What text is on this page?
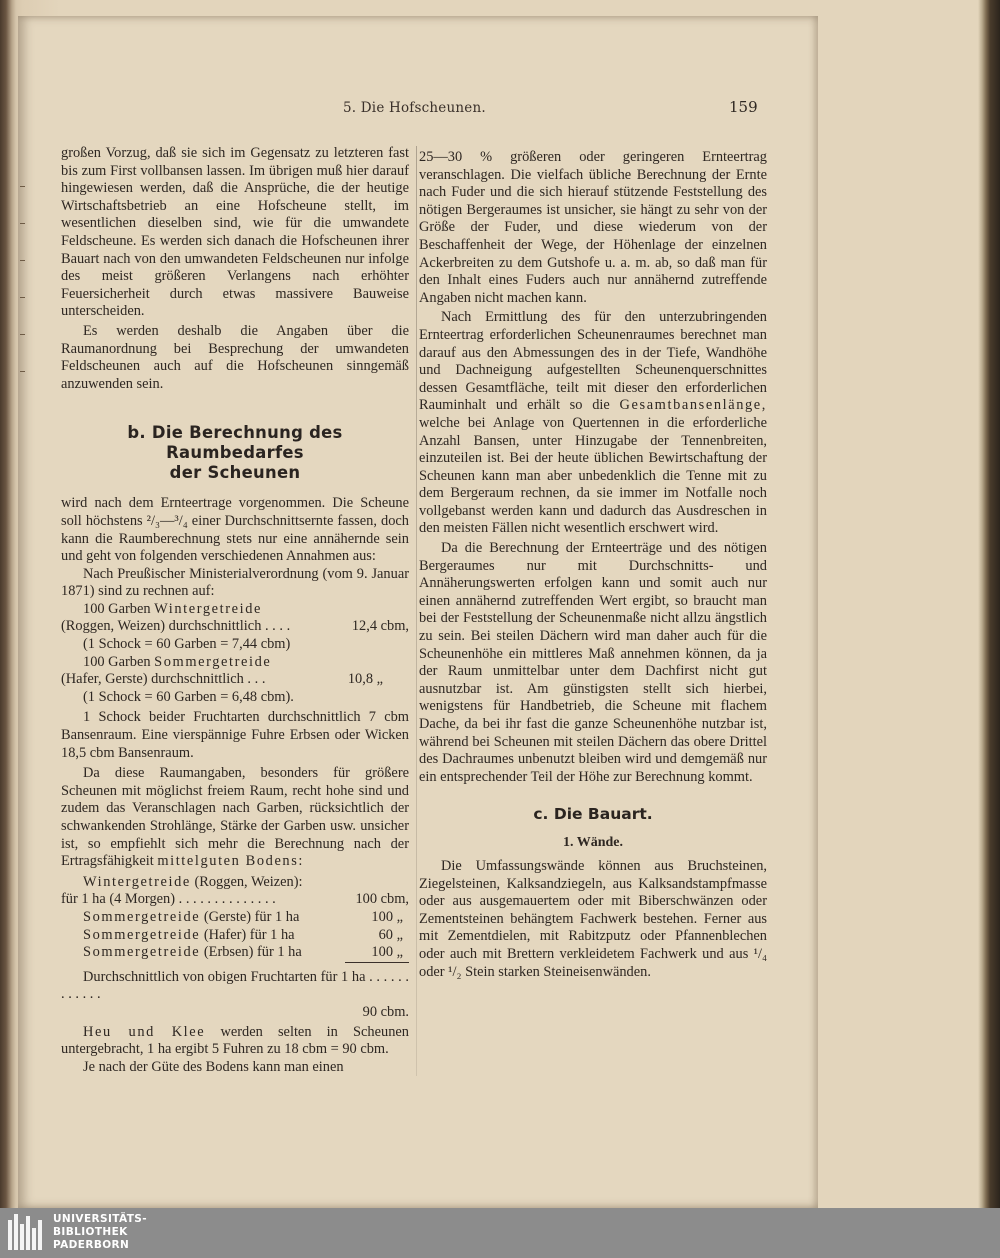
5. Die Hofscheunen.	159

großen Vorzug, daß sie sich im Gegensatz zu letzteren fast bis zum First vollbansen lassen. Im übrigen muß hier darauf hingewiesen werden, daß die Ansprüche, die der heutige Wirtschaftsbetrieb an eine Hofscheune stellt, im wesentlichen dieselben sind, wie für die umwandete Feldscheune. Es werden sich danach die Hofscheunen ihrer Bauart nach von den umwandeten Feldscheunen nur infolge des meist größeren Verlangens nach erhöhter Feuersicherheit durch etwas massivere Bauweise unterscheiden.

Es werden deshalb die Angaben über die Raumanordnung bei Besprechung der umwandeten Feldscheunen auch auf die Hofscheunen sinngemäß anzuwenden sein.

b. Die Berechnung des Raumbedarfes
der Scheunen

wird nach dem Ernteertrage vorgenommen. Die Scheune soll höchstens ²/₃—³/₄ einer Durchschnittsernte fassen, doch kann die Raumberechnung stets nur eine annähernde sein und geht von folgenden verschiedenen Annahmen aus:

Nach Preußischer Ministerialverordnung (vom 9. Januar 1871) sind zu rechnen auf:

100 Garben Wintergetreide

(Roggen, Weizen) durchschnittlich . . . .	12,4 cbm,

(1 Schock = 60 Garben = 7,44 cbm)

100 Garben Sommergetreide

(Hafer, Gerste) durchschnittlich . . .	10,8 „

(1 Schock = 60 Garben = 6,48 cbm).

1 Schock beider Fruchtarten durchschnittlich 7 cbm Bansenraum. Eine vierspännige Fuhre Erbsen oder Wicken 18,5 cbm Bansenraum.

Da diese Raumangaben, besonders für größere Scheunen mit möglichst freiem Raum, recht hohe sind und zudem das Veranschlagen nach Garben, rücksichtlich der schwankenden Strohlänge, Stärke der Garben usw. unsicher ist, so empfiehlt sich mehr die Berechnung nach der Ertragsfähigkeit mittelguten Bodens:

Wintergetreide (Roggen, Weizen):

für 1 ha (4 Morgen) . . . . . . . . . . . . . .	100 cbm,
Sommergetreide (Gerste) für 1 ha	100 „
Sommergetreide (Hafer) für 1 ha	60 „
Sommergetreide (Erbsen) für 1 ha	100 „

Durchschnittlich von obigen Fruchtarten für 1 ha . . . . . . . . . . . .

90 cbm.

Heu und Klee werden selten in Scheunen untergebracht, 1 ha ergibt 5 Fuhren zu 18 cbm = 90 cbm.

Je nach der Güte des Bodens kann man einen

25—30 % größeren oder geringeren Ernteertrag veranschlagen. Die vielfach übliche Berechnung der Ernte nach Fuder und die sich hierauf stützende Feststellung des nötigen Bergeraumes ist unsicher, sie hängt zu sehr von der Größe der Fuder, und diese wiederum von der Beschaffenheit der Wege, der Höhenlage der einzelnen Ackerbreiten zu dem Gutshofe u. a. m. ab, so daß man für den Inhalt eines Fuders auch nur annähernd zutreffende Angaben nicht machen kann.

Nach Ermittlung des für den unterzubringenden Ernteertrag erforderlichen Scheunenraumes berechnet man darauf aus den Abmessungen des in der Tiefe, Wandhöhe und Dachneigung aufgestellten Scheunenquerschnittes dessen Gesamtfläche, teilt mit dieser den erforderlichen Rauminhalt und erhält so die Gesamtbansenlänge, welche bei Anlage von Quertennen in die erforderliche Anzahl Bansen, unter Hinzugabe der Tennenbreiten, einzuteilen ist. Bei der heute üblichen Bewirtschaftung der Scheunen kann man aber unbedenklich die Tenne mit zu dem Bergeraum rechnen, da sie immer im Notfalle noch vollgebanst werden kann und dadurch das Ausdreschen in den meisten Fällen nicht wesentlich erschwert wird.

Da die Berechnung der Ernteerträge und des nötigen Bergeraumes nur mit Durchschnitts- und Annäherungswerten erfolgen kann und somit auch nur einen annähernd zutreffenden Wert ergibt, so braucht man bei der Feststellung der Scheunenmaße nicht allzu ängstlich zu sein. Bei steilen Dächern wird man daher auch für die Scheunenhöhe ein mittleres Maß annehmen können, da ja der Raum unmittelbar unter dem Dachfirst nicht gut ausnutzbar ist. Am günstigsten stellt sich hierbei, wenigstens für Handbetrieb, die Scheune mit flachem Dache, da bei ihr fast die ganze Scheunenhöhe nutzbar ist, während bei Scheunen mit steilen Dächern das obere Drittel des Dachraumes unbenutzt bleiben wird und demgemäß nur ein entsprechender Teil der Höhe zur Berechnung kommt.

c. Die Bauart.
1. Wände.

Die Umfassungswände können aus Bruchsteinen, Ziegelsteinen, Kalksandziegeln, aus Kalksandstampfmasse oder aus ausgemauertem oder mit Biberschwänzen oder Zementsteinen behängtem Fachwerk bestehen. Ferner aus mit Zementdielen, mit Rabitzputz oder Pfannenblechen oder auch mit Brettern verkleidetem Fachwerk und aus ¹/₄ oder ¹/₂ Stein starken Steineisenwänden.

UNIVERSITÄTS-
BIBLIOTHEK
PADERBORN
